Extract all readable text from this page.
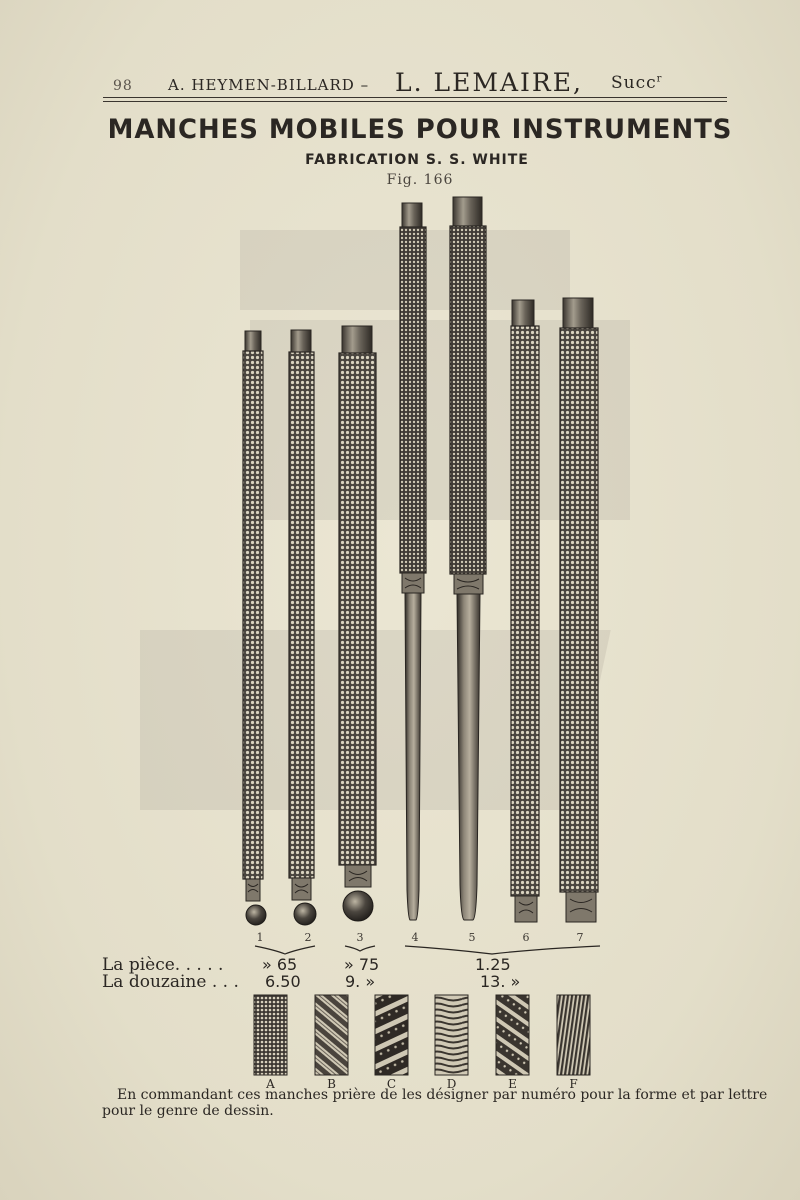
98 A. HEYMEN-BILLARD – L. LEMAIRE, Succ$^r$
MANCHES MOBILES POUR INSTRUMENTS
FABRICATION S. S. WHITE
Fig. 166
1	2	3	4	5	6	7
La pièce. . . . . » 65	» 75	1.25
La douzaine . . . 6.50	9. »	13. »
A	B	C	D	E	F
En commandant ces manches prière de les désigner par numéro pour la forme et par lettre
pour le genre de dessin.
